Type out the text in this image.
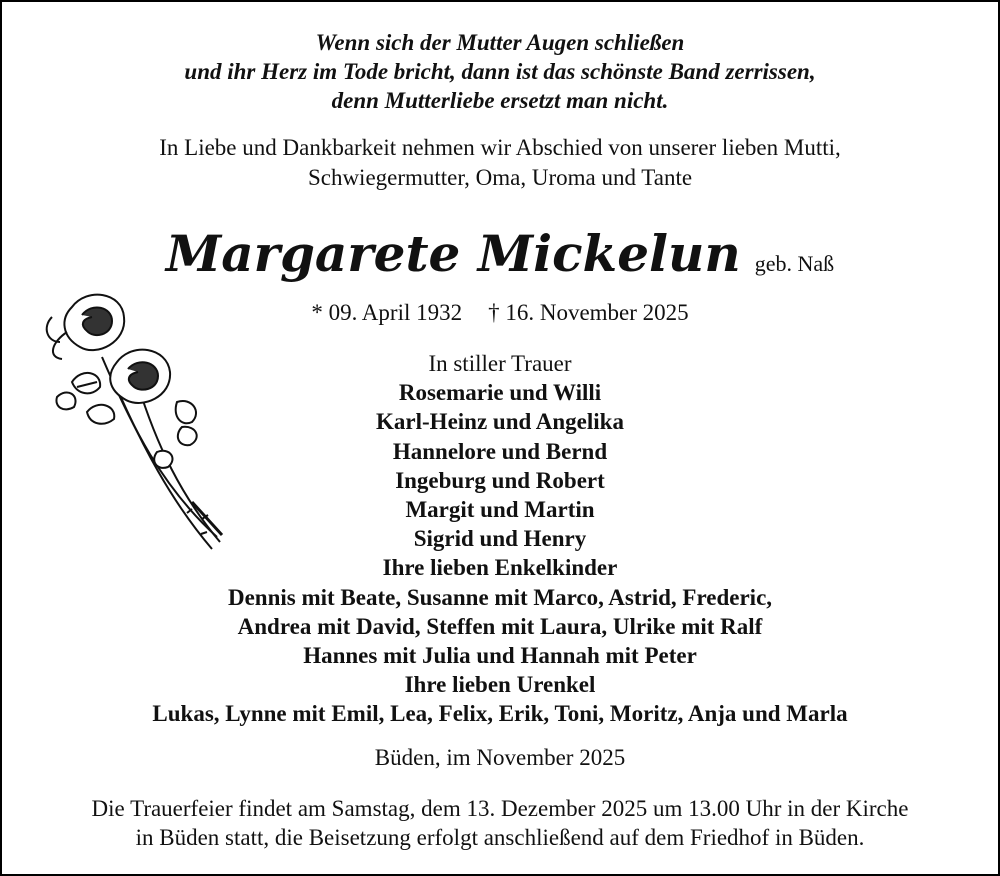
Wenn sich der Mutter Augen schließen
und ihr Herz im Tode bricht, dann ist das schönste Band zerrissen,
denn Mutterliebe ersetzt man nicht.
In Liebe und Dankbarkeit nehmen wir Abschied von unserer lieben Mutti,
Schwiegermutter, Oma, Uroma und Tante
Margarete Mickelun geb. Naß
* 09. April 1932 † 16. November 2025
In stiller Trauer
Rosemarie und Willi
Karl-Heinz und Angelika
Hannelore und Bernd
Ingeburg und Robert
Margit und Martin
Sigrid und Henry
Ihre lieben Enkelkinder
Dennis mit Beate, Susanne mit Marco, Astrid, Frederic,
Andrea mit David, Steffen mit Laura, Ulrike mit Ralf
Hannes mit Julia und Hannah mit Peter
Ihre lieben Urenkel
Lukas, Lynne mit Emil, Lea, Felix, Erik, Toni, Moritz, Anja und Marla
Büden, im November 2025
Die Trauerfeier findet am Samstag, dem 13. Dezember 2025 um 13.00 Uhr in der Kirche
in Büden statt, die Beisetzung erfolgt anschließend auf dem Friedhof in Büden.
